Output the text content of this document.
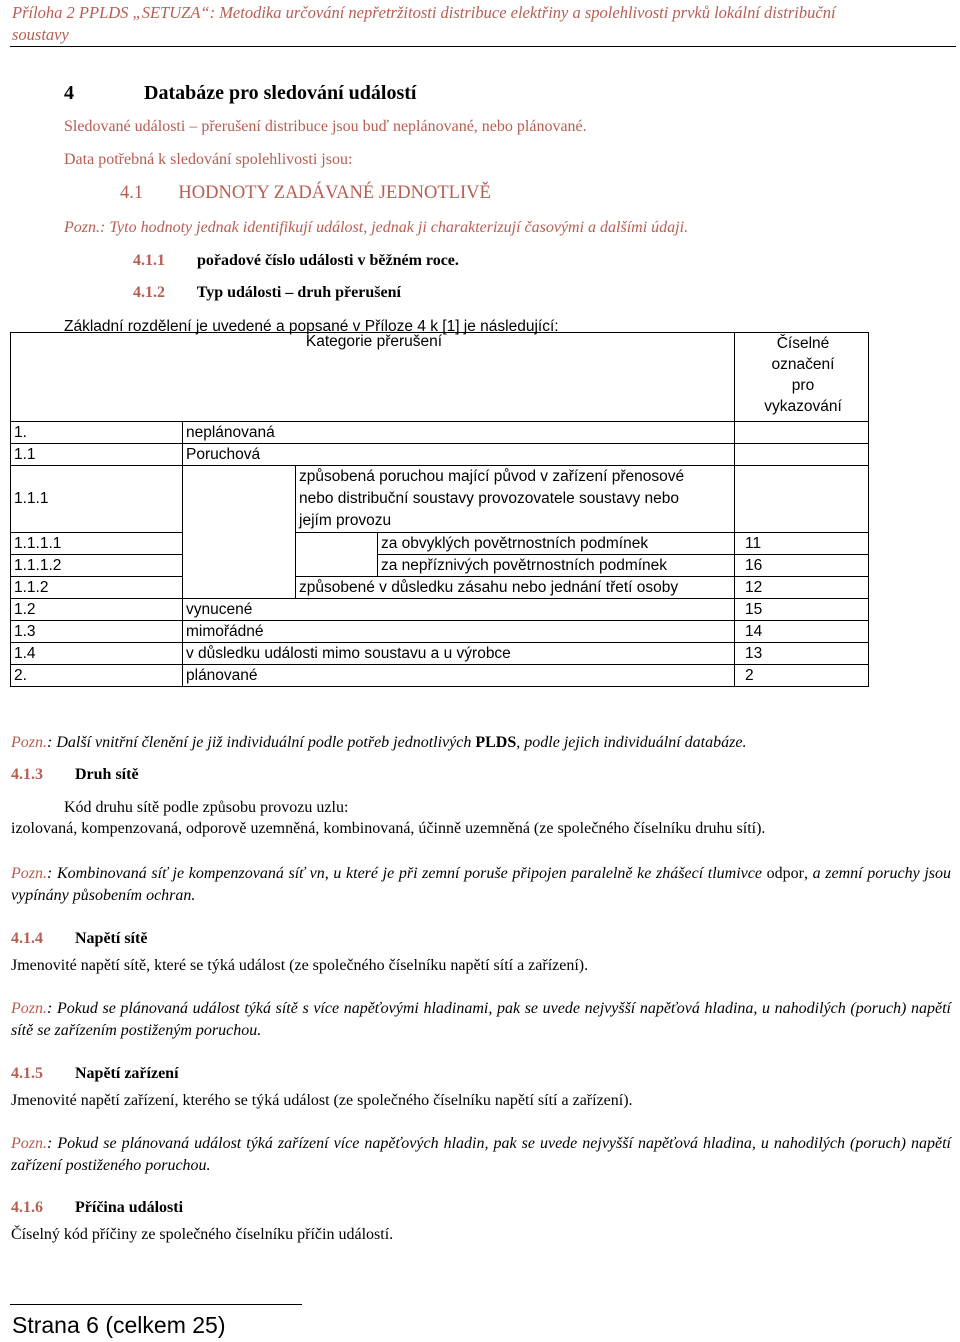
Příloha 2 PPLDS „SETUZA“: Metodika určování nepřetržitosti distribuce elektřiny a spolehlivosti prvků lokální distribuční
soustavy
4	Databáze pro sledování událostí
Sledované události – přerušení distribuce jsou buď neplánované, nebo plánované.
Data potřebná k sledování spolehlivosti jsou:
4.1 HODNOTY ZADÁVANÉ JEDNOTLIVĚ
Pozn.: Tyto hodnoty jednak identifikují událost, jednak ji charakterizují časovými a dalšími údaji.
4.1.1 pořadové číslo události v běžném roce.
4.1.2 Typ události – druh přerušení
Základní rozdělení je uvedené a popsané v Příloze 4 k [1] je následující:
Kategorie přerušení				Číselné
označení
pro
vykazování

1.	neplánovaná			
1.1	Poruchová			
1.1.1		způsobená poruchou mající původ v zařízení přenosové
nebo distribuční soustavy provozovatele soustavy nebo
jejím provozu		

1.1.1.1			za obvyklých povětrnostních podmínek	11
1.1.1.2			za nepříznivých povětrnostních podmínek	16
1.1.2		způsobené v důsledku zásahu nebo jednání třetí osoby		12
1.2	vynucené			15
1.3	mimořádné			14
1.4	v důsledku události mimo soustavu a u výrobce			13
2.	plánované			2
Pozn.: Další vnitřní členění je již individuální podle potřeb jednotlivých PLDS, podle jejich individuální databáze.
4.1.3 Druh sítě
Kód druhu sítě podle způsobu provozu uzlu:
izolovaná, kompenzovaná, odporově uzemněná, kombinovaná, účinně uzemněná (ze společného číselníku druhu sítí).
Pozn.: Kombinovaná síť je kompenzovaná síť vn, u které je při zemní poruše připojen paralelně ke zhášecí tlumivce odpor, a zemní poruchy jsou vypínány působením ochran.
4.1.4 Napětí sítě
Jmenovité napětí sítě, které se týká událost (ze společného číselníku napětí sítí a zařízení).
Pozn.: Pokud se plánovaná událost týká sítě s více napěťovými hladinami, pak se uvede nejvyšší napěťová hladina, u nahodilých (poruch) napětí sítě se zařízením postiženým poruchou.
4.1.5 Napětí zařízení
Jmenovité napětí zařízení, kterého se týká událost (ze společného číselníku napětí sítí a zařízení).
Pozn.: Pokud se plánovaná událost týká zařízení více napěťových hladin, pak se uvede nejvyšší napěťová hladina, u nahodilých (poruch) napětí zařízení postiženého poruchou.
4.1.6 Příčina události
Číselný kód příčiny ze společného číselníku příčin událostí.
Strana 6 (celkem 25)
